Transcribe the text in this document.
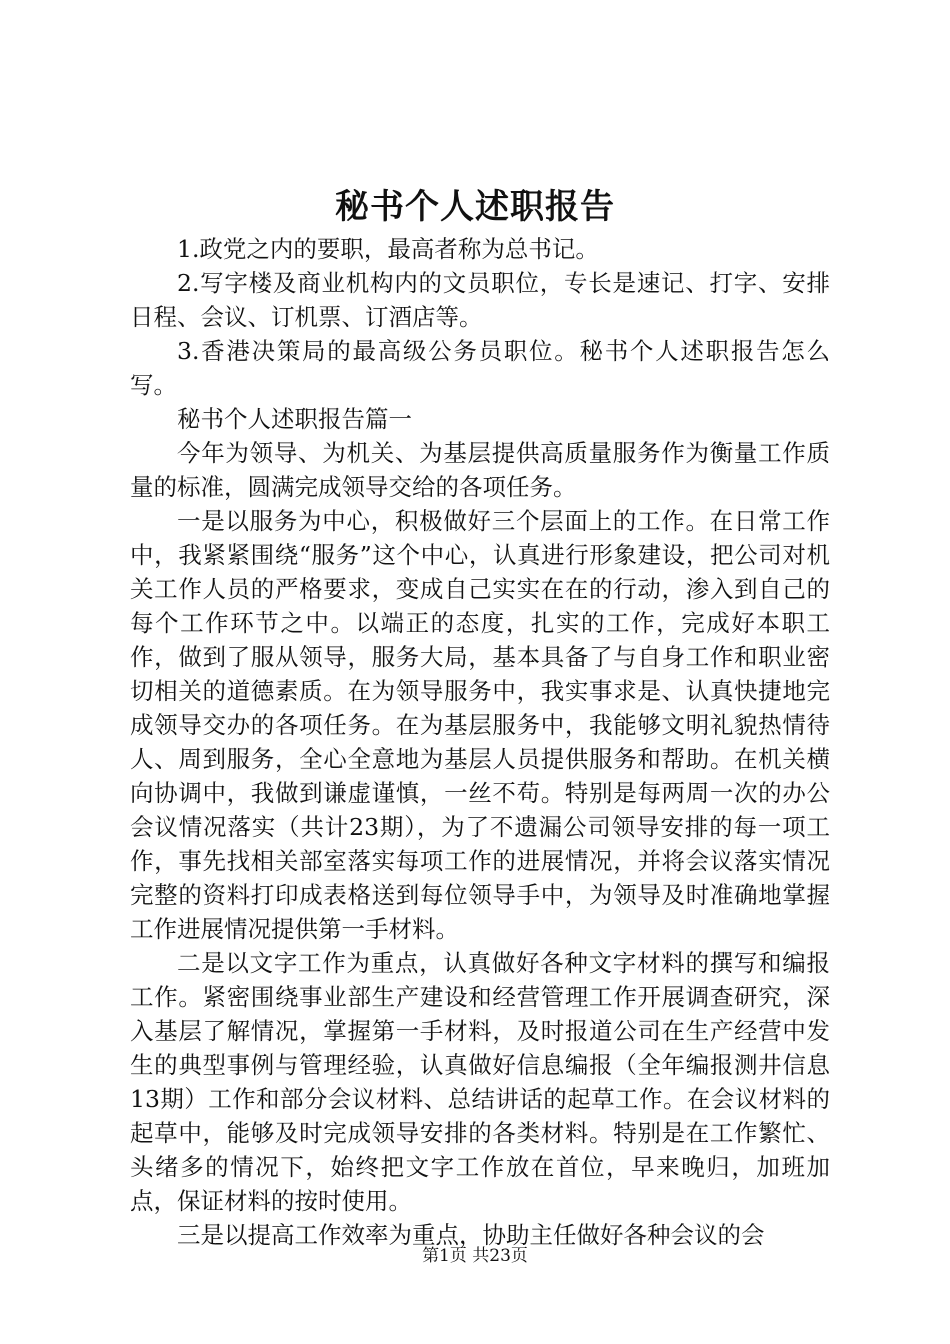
秘书个人述职报告

1.政党之内的要职，最高者称为总书记。

2.写字楼及商业机构内的文员职位，专长是速记、打字、安排日程、会议、订机票、订酒店等。

3.香港决策局的最高级公务员职位。秘书个人述职报告怎么写。

秘书个人述职报告篇一

今年为领导、为机关、为基层提供高质量服务作为衡量工作质量的标准，圆满完成领导交给的各项任务。

一是以服务为中心，积极做好三个层面上的工作。在日常工作中，我紧紧围绕“服务”这个中心，认真进行形象建设，把公司对机关工作人员的严格要求，变成自己实实在在的行动，渗入到自己的每个工作环节之中。以端正的态度，扎实的工作，完成好本职工作，做到了服从领导，服务大局，基本具备了与自身工作和职业密切相关的道德素质。在为领导服务中，我实事求是、认真快捷地完成领导交办的各项任务。在为基层服务中，我能够文明礼貌热情待人、周到服务，全心全意地为基层人员提供服务和帮助。在机关横向协调中，我做到谦虚谨慎，一丝不苟。特别是每两周一次的办公会议情况落实（共计23期），为了不遗漏公司领导安排的每一项工作，事先找相关部室落实每项工作的进展情况，并将会议落实情况完整的资料打印成表格送到每位领导手中，为领导及时准确地掌握工作进展情况提供第一手材料。

二是以文字工作为重点，认真做好各种文字材料的撰写和编报工作。紧密围绕事业部生产建设和经营管理工作开展调查研究，深入基层了解情况，掌握第一手材料，及时报道公司在生产经营中发生的典型事例与管理经验，认真做好信息编报（全年编报测井信息13期）工作和部分会议材料、总结讲话的起草工作。在会议材料的起草中，能够及时完成领导安排的各类材料。特别是在工作繁忙、头绪多的情况下，始终把文字工作放在首位，早来晚归，加班加点，保证材料的按时使用。

三是以提高工作效率为重点，协助主任做好各种会议的会

第1页 共23页
